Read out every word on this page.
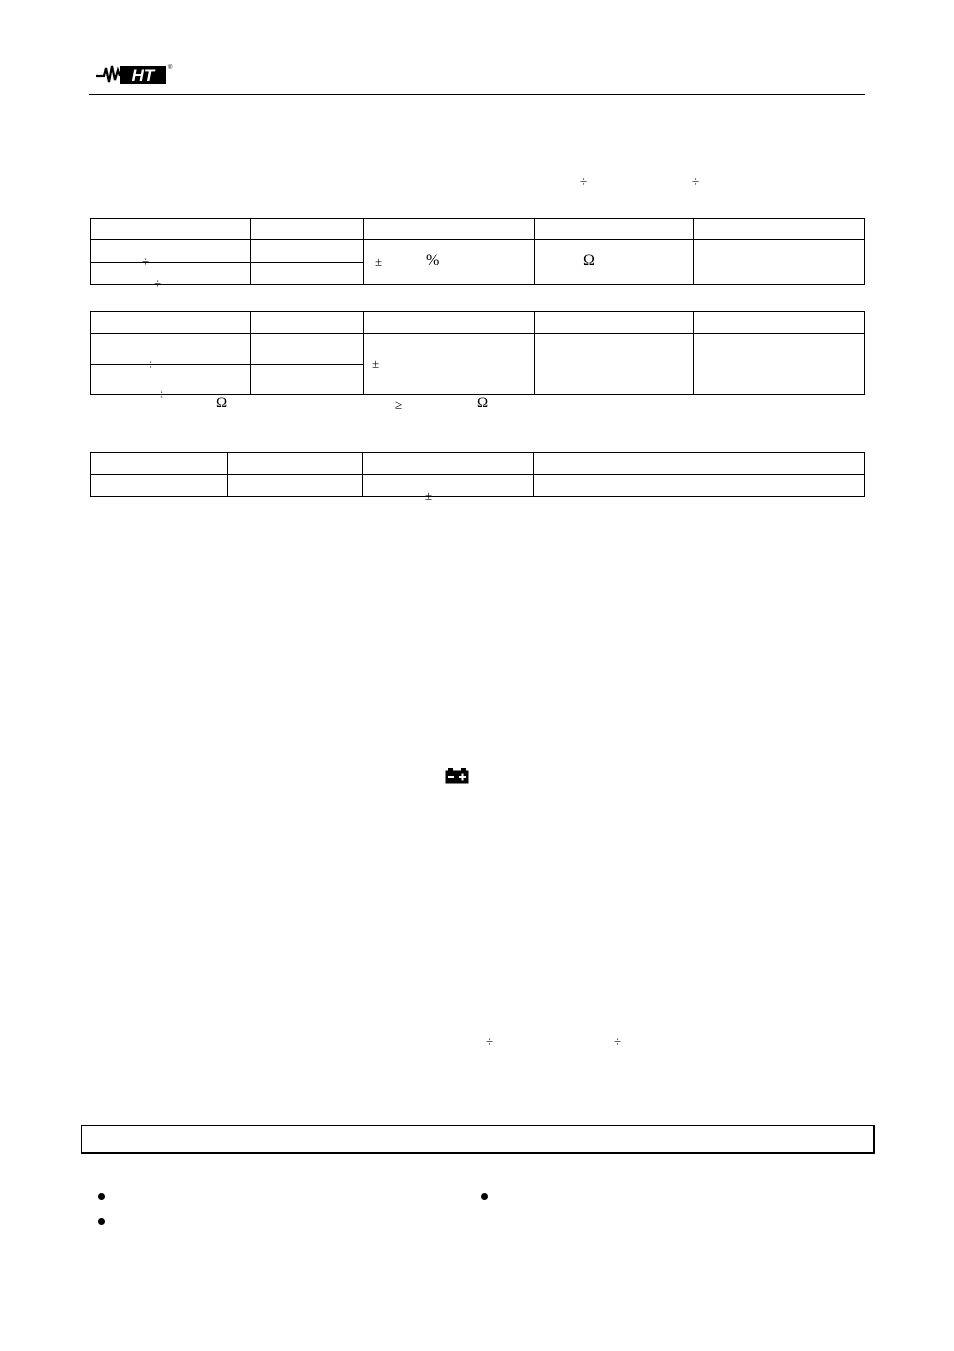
HT ®
÷	÷

÷		± %	Ω	

÷				

÷		±		

÷				

Ω	≥	Ω

		±	

÷	÷
